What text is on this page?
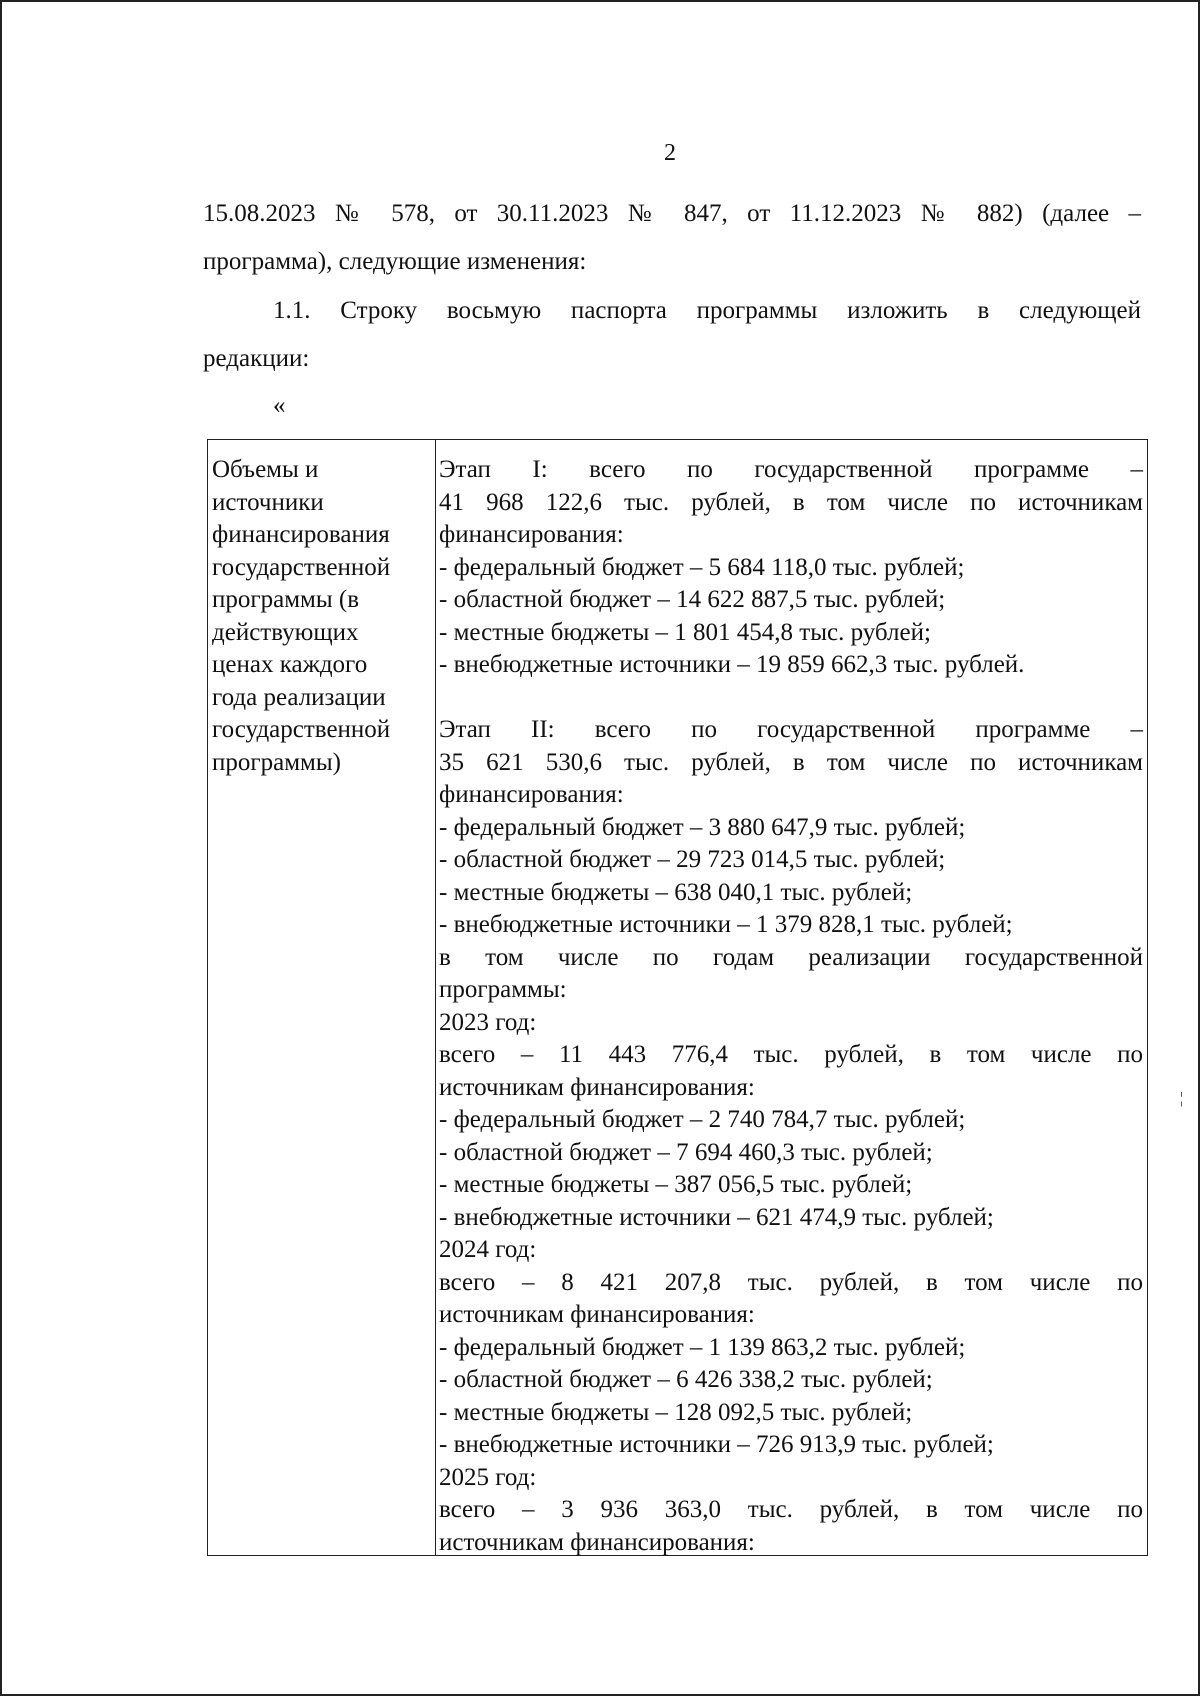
2
15.08.2023 № 578, от 30.11.2023 № 847, от 11.12.2023 № 882) (далее –
программа), следующие изменения:
1.1. Строку восьмую паспорта программы изложить в следующей
редакции:
«
Объемы и
источники
финансирования
государственной
программы (в
действующих
ценах каждого
года реализации
государственной
программы)
Этап I: всего по государственной программе –
41 968 122,6 тыс. рублей, в том числе по источникам
финансирования:
- федеральный бюджет – 5 684 118,0 тыс. рублей;
- областной бюджет – 14 622 887,5 тыс. рублей;
- местные бюджеты – 1 801 454,8 тыс. рублей;
- внебюджетные источники – 19 859 662,3 тыс. рублей.
Этап II: всего по государственной программе –
35 621 530,6 тыс. рублей, в том числе по источникам
финансирования:
- федеральный бюджет – 3 880 647,9 тыс. рублей;
- областной бюджет – 29 723 014,5 тыс. рублей;
- местные бюджеты – 638 040,1 тыс. рублей;
- внебюджетные источники – 1 379 828,1 тыс. рублей;
в том числе по годам реализации государственной
программы:
2023 год:
всего – 11 443 776,4 тыс. рублей, в том числе по
источникам финансирования:
- федеральный бюджет – 2 740 784,7 тыс. рублей;
- областной бюджет – 7 694 460,3 тыс. рублей;
- местные бюджеты – 387 056,5 тыс. рублей;
- внебюджетные источники – 621 474,9 тыс. рублей;
2024 год:
всего – 8 421 207,8 тыс. рублей, в том числе по
источникам финансирования:
- федеральный бюджет – 1 139 863,2 тыс. рублей;
- областной бюджет – 6 426 338,2 тыс. рублей;
- местные бюджеты – 128 092,5 тыс. рублей;
- внебюджетные источники – 726 913,9 тыс. рублей;
2025 год:
всего – 3 936 363,0 тыс. рублей, в том числе по
источникам финансирования:
¦
